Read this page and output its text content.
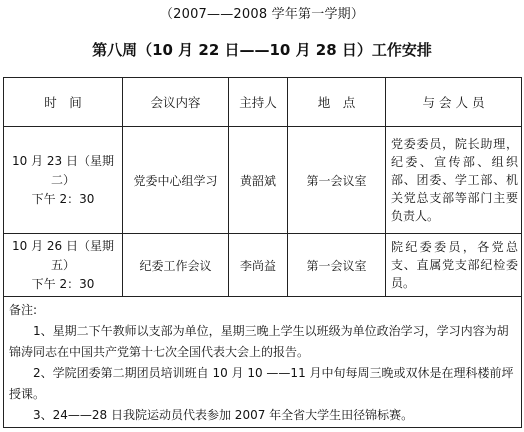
（2007——2008 学年第一学期）
第八周（10 月 22 日——10 月 28 日）工作安排
时　间	会议内容	主持人	地　点	与 会 人 员

10 月 23 日（星期二）
下午 2：30	党委中心组学习	黄韶斌	第一会议室	党委委员，院长助理，纪委、宣传部、组织部、团委、学工部、机关党总支部等部门主要负责人。

10 月 26 日（星期五）
下午 2：30	纪委工作会议	李尚益	第一会议室	院纪委委员，各党总支、直属党支部纪检委员。

备注:
1、星期二下午教师以支部为单位，星期三晚上学生以班级为单位政治学习，学习内容为胡锦涛同志在中国共产党第十七次全国代表大会上的报告。
2、学院团委第二期团员培训班自 10 月 10 ——11 月中旬每周三晚或双休是在理科楼前坪授课。
3、24——28 日我院运动员代表参加 2007 年全省大学生田径锦标赛。				
